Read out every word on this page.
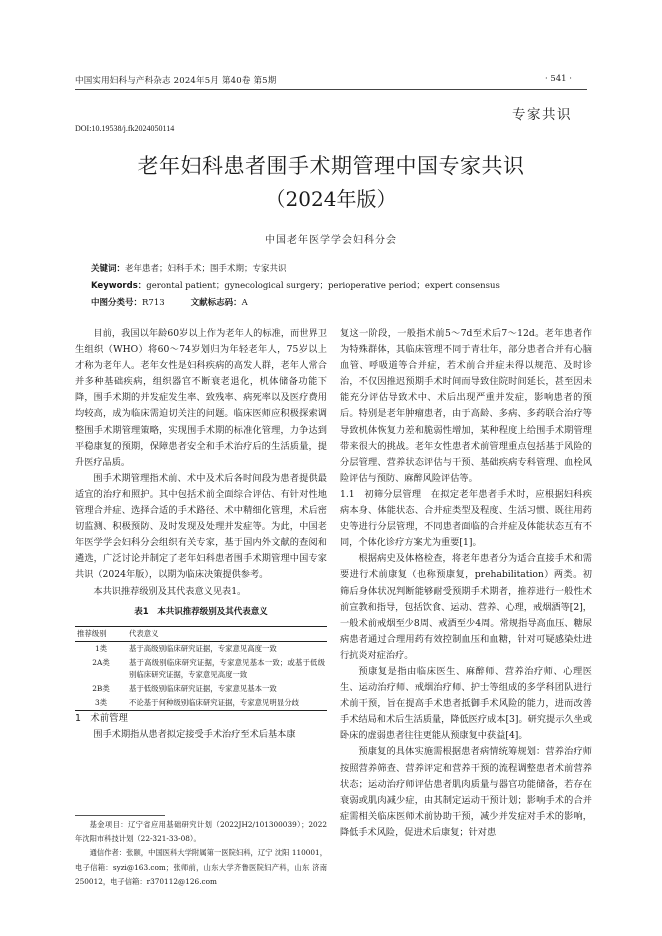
中国实用妇科与产科杂志 2024年5月 第40卷 第5期	· 541 ·
专家共识
DOI:10.19538/j.fk2024050114
老年妇科患者围手术期管理中国专家共识
（2024年版）
中国老年医学学会妇科分会
关键词：老年患者；妇科手术；围手术期；专家共识
Keywords：gerontal patient；gynecological surgery；perioperative period；expert consensus
中图分类号：R713	文献标志码：A

目前，我国以年龄60岁以上作为老年人的标准，而世界卫生组织（WHO）将60～74岁划归为年轻老年人，75岁以上才称为老年人。老年女性是妇科疾病的高发人群，老年人常合并多种基础疾病，组织器官不断衰老退化，机体储备功能下降，围手术期的并发症发生率、致残率、病死率以及医疗费用均较高，成为临床需迫切关注的问题。临床医师应积极探索调整围手术期管理策略，实现围手术期的标准化管理，力争达到平稳康复的预期，保障患者安全和手术治疗后的生活质量，提升医疗品质。

围手术期管理指术前、术中及术后各时间段为患者提供最适宜的治疗和照护。其中包括术前全面综合评估、有针对性地管理合并症、选择合适的手术路径、术中精细化管理，术后密切监测、积极预防、及时发现及处理并发症等。为此，中国老年医学学会妇科分会组织有关专家，基于国内外文献的查阅和遴选，广泛讨论并制定了老年妇科患者围手术期管理中国专家共识（2024年版），以期为临床决策提供参考。

本共识推荐级别及其代表意义见表1。

表1　本共识推荐级别及其代表意义
推荐级别	代表意义
1类	基于高级别临床研究证据，专家意见高度一致
2A类	基于高级别临床研究证据，专家意见基本一致；或基于低级别临床研究证据，专家意见高度一致
2B类	基于低级别临床研究证据，专家意见基本一致
3类	不论基于何种级别临床研究证据，专家意见明显分歧

1　术前管理

围手术期指从患者拟定接受手术治疗至术后基本康

基金项目：辽宁省应用基础研究计划（2022JH2/101300039）；2022年沈阳市科技计划（22-321-33-08）。

通信作者：张颐，中国医科大学附属第一医院妇科，辽宁 沈阳 110001，电子信箱：syzi@163.com；张师前，山东大学齐鲁医院妇产科，山东 济南 250012，电子信箱：r370112@126.com

复这一阶段，一般指术前5～7d至术后7～12d。老年患者作为特殊群体，其临床管理不同于青壮年，部分患者合并有心脑血管、呼吸道等合并症，若术前合并症未得以规范、及时诊治，不仅因推迟预期手术时间而导致住院时间延长，甚至因未能充分评估导致术中、术后出现严重并发症，影响患者的预后。特别是老年肿瘤患者，由于高龄、多病、多药联合治疗等导致机体恢复力差和脆弱性增加，某种程度上给围手术期管理带来很大的挑战。老年女性患者术前管理重点包括基于风险的分层管理、营养状态评估与干预、基础疾病专科管理、血栓风险评估与预防、麻醉风险评估等。

1.1　初筛分层管理　在拟定老年患者手术时，应根据妇科疾病本身、体能状态、合并症类型及程度、生活习惯、既往用药史等进行分层管理，不同患者面临的合并症及体能状态互有不同，个体化诊疗方案尤为重要[1]。

根据病史及体格检查，将老年患者分为适合直接手术和需要进行术前康复（也称预康复，prehabilitation）两类。初筛后身体状况判断能够耐受预期手术期者，推荐进行一般性术前宣教和指导，包括饮食、运动、营养、心理，戒烟酒等[2]，一般术前戒烟至少8周、戒酒至少4周。常规指导高血压、糖尿病患者通过合理用药有效控制血压和血糖，针对可疑感染灶进行抗炎对症治疗。

预康复是指由临床医生、麻醉师、营养治疗师、心理医生、运动治疗师、戒烟治疗师、护士等组成的多学科团队进行术前干预，旨在提高手术患者抵御手术风险的能力，进而改善手术结局和术后生活质量，降低医疗成本[3]。研究提示久坐或卧床的虚弱患者往往更能从预康复中获益[4]。

预康复的具体实施需根据患者病情统筹规划：营养治疗师按照营养筛查、营养评定和营养干预的流程调整患者术前营养状态；运动治疗师评估患者肌肉质量与器官功能储备，若存在衰弱或肌肉减少症，由其制定运动干预计划；影响手术的合并症需相关临床医师术前协助干预，减少并发症对手术的影响，降低手术风险，促进术后康复；针对患
